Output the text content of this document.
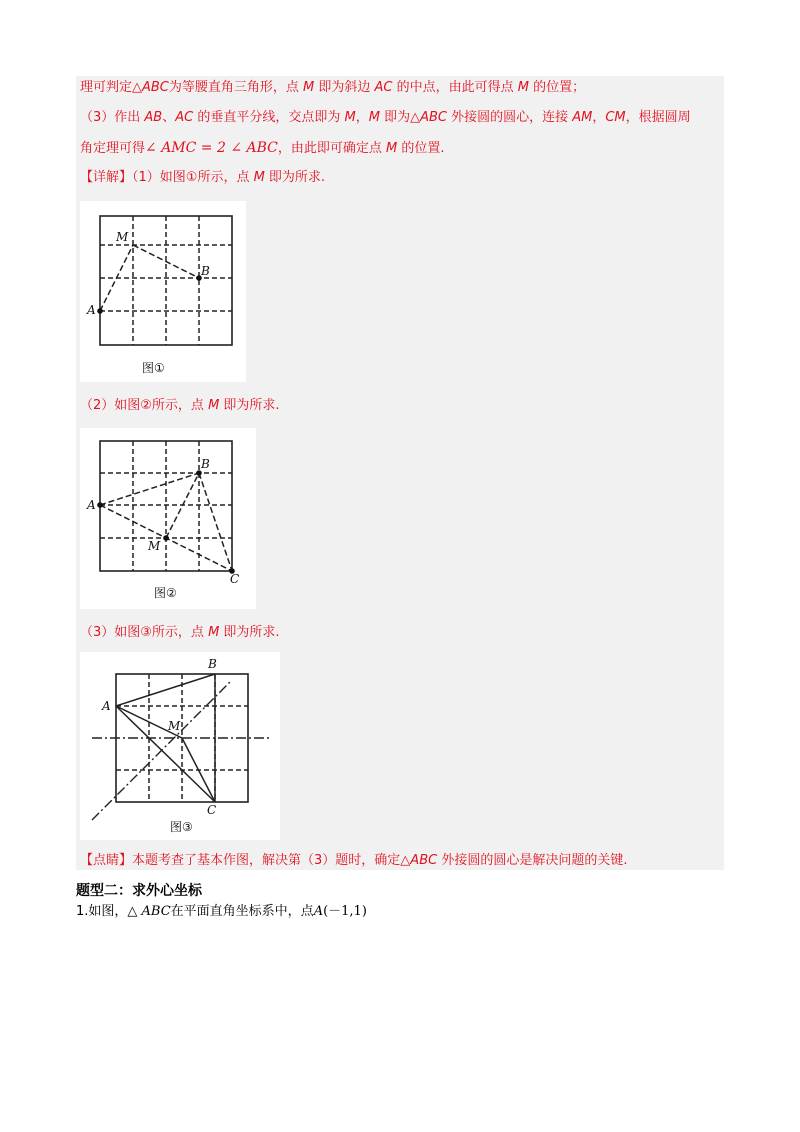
理可判定△ABC为等腰直角三角形，点 M 即为斜边 AC 的中点，由此可得点 M 的位置；
（3）作出 AB、AC 的垂直平分线，交点即为 M，M 即为△ABC 外接圆的圆心，连接 AM，CM，根据圆周
角定理可得∠ AMC = 2 ∠ ABC，由此即可确定点 M 的位置.
【详解】（1）如图①所示，点 M 即为所求.
M
B
A
图①
（2）如图②所示，点 M 即为所求.
B
A
M
C
图②
（3）如图③所示，点 M 即为所求.
B
A
M
C
图③
【点睛】本题考查了基本作图，解决第（3）题时，确定△ABC 外接圆的圆心是解决问题的关键.
题型二：求外心坐标
1.如图，△ ABC在平面直角坐标系中，点A(－1,1)
